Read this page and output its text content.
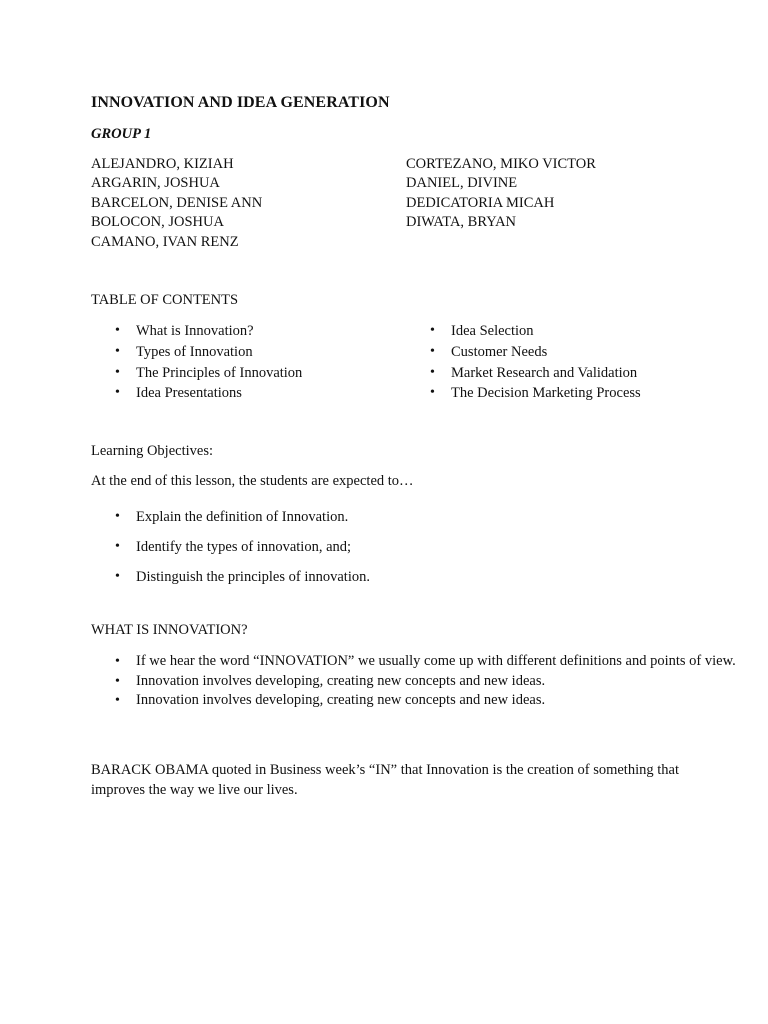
INNOVATION AND IDEA GENERATION
GROUP 1
ALEJANDRO, KIZIAH
ARGARIN, JOSHUA
BARCELON, DENISE ANN
BOLOCON, JOSHUA
CAMANO, IVAN RENZ
CORTEZANO, MIKO VICTOR
DANIEL, DIVINE
DEDICATORIA MICAH
DIWATA, BRYAN
TABLE OF CONTENTS
• What is Innovation?
• Types of Innovation
• The Principles of Innovation
• Idea Presentations
• Idea Selection
• Customer Needs
• Market Research and Validation
• The Decision Marketing Process
Learning Objectives:
At the end of this lesson, the students are expected to…
• Explain the definition of Innovation.
• Identify the types of innovation, and;
• Distinguish the principles of innovation.
WHAT IS INNOVATION?
• If we hear the word “INNOVATION” we usually come up with different definitions and points of view.
• Innovation involves developing, creating new concepts and new ideas.
• Innovation involves developing, creating new concepts and new ideas.
BARACK OBAMA quoted in Business week’s “IN” that Innovation is the creation of something that improves the way we live our lives.
